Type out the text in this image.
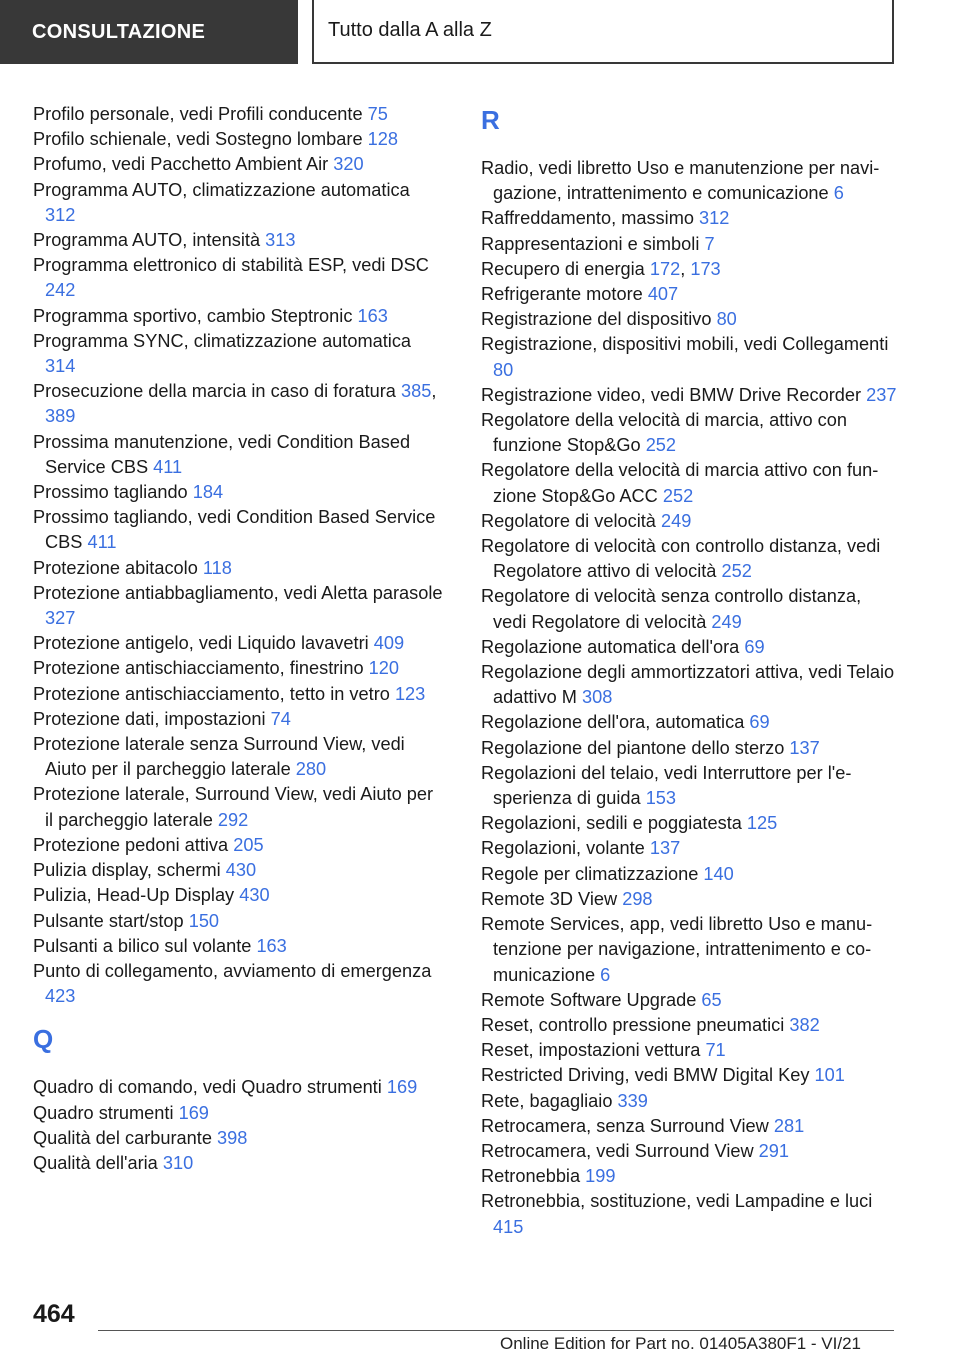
CONSULTAZIONE	Tutto dalla A alla Z
Profilo personale, vedi Profili conducente 75
Profilo schienale, vedi Sostegno lombare 128
Profumo, vedi Pacchetto Ambient Air 320
Programma AUTO, climatizzazione automatica 312
Programma AUTO, intensità 313
Programma elettronico di stabilità ESP, vedi DSC 242
Programma sportivo, cambio Steptronic 163
Programma SYNC, climatizzazione automatica 314
Prosecuzione della marcia in caso di foratura 385, 389
Prossima manutenzione, vedi Condition Based Service CBS 411
Prossimo tagliando 184
Prossimo tagliando, vedi Condition Based Service CBS 411
Protezione abitacolo 118
Protezione antiabbagliamento, vedi Aletta parasole 327
Protezione antigelo, vedi Liquido lavavetri 409
Protezione antischiacciamento, finestrino 120
Protezione antischiacciamento, tetto in vetro 123
Protezione dati, impostazioni 74
Protezione laterale senza Surround View, vedi Aiuto per il parcheggio laterale 280
Protezione laterale, Surround View, vedi Aiuto per il parcheggio laterale 292
Protezione pedoni attiva 205
Pulizia display, schermi 430
Pulizia, Head-Up Display 430
Pulsante start/stop 150
Pulsanti a bilico sul volante 163
Punto di collegamento, avviamento di emergenza 423
Q
Quadro di comando, vedi Quadro strumenti 169
Quadro strumenti 169
Qualità del carburante 398
Qualità dell'aria 310
R
Radio, vedi libretto Uso e manutenzione per navigazione, intrattenimento e comunicazione 6
Raffreddamento, massimo 312
Rappresentazioni e simboli 7
Recupero di energia 172, 173
Refrigerante motore 407
Registrazione del dispositivo 80
Registrazione, dispositivi mobili, vedi Collegamenti 80
Registrazione video, vedi BMW Drive Recorder 237
Regolatore della velocità di marcia, attivo con funzione Stop&Go 252
Regolatore della velocità di marcia attivo con funzione Stop&Go ACC 252
Regolatore di velocità 249
Regolatore di velocità con controllo distanza, vedi Regolatore attivo di velocità 252
Regolatore di velocità senza controllo distanza, vedi Regolatore di velocità 249
Regolazione automatica dell'ora 69
Regolazione degli ammortizzatori attiva, vedi Telaio adattivo M 308
Regolazione dell'ora, automatica 69
Regolazione del piantone dello sterzo 137
Regolazioni del telaio, vedi Interruttore per l'esperienza di guida 153
Regolazioni, sedili e poggiatesta 125
Regolazioni, volante 137
Regole per climatizzazione 140
Remote 3D View 298
Remote Services, app, vedi libretto Uso e manutenzione per navigazione, intrattenimento e comunicazione 6
Remote Software Upgrade 65
Reset, controllo pressione pneumatici 382
Reset, impostazioni vettura 71
Restricted Driving, vedi BMW Digital Key 101
Rete, bagagliaio 339
Retrocamera, senza Surround View 281
Retrocamera, vedi Surround View 291
Retronebbia 199
Retronebbia, sostituzione, vedi Lampadine e luci 415
464
Online Edition for Part no. 01405A380F1 - VI/21
